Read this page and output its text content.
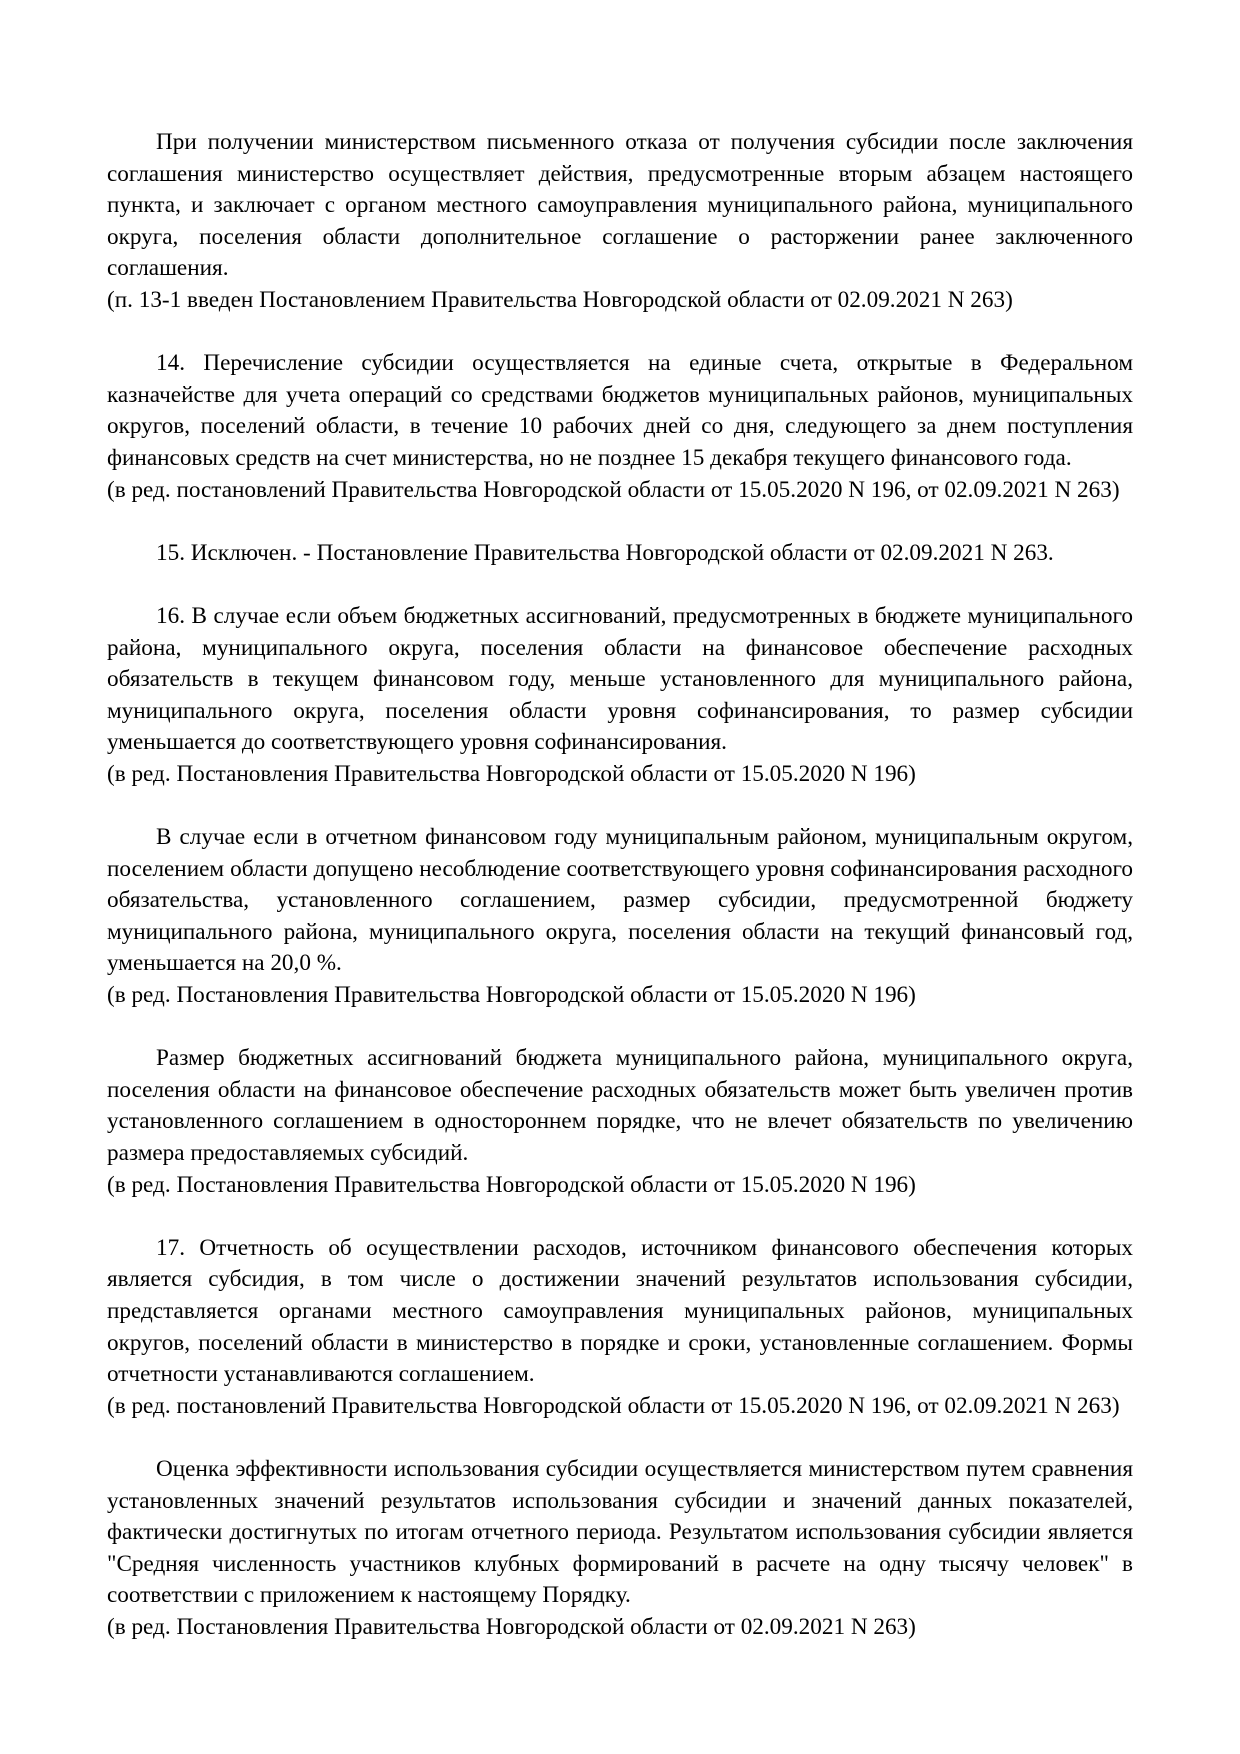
При получении министерством письменного отказа от получения субсидии после заключения соглашения министерство осуществляет действия, предусмотренные вторым абзацем настоящего пункта, и заключает с органом местного самоуправления муниципального района, муниципального округа, поселения области дополнительное соглашение о расторжении ранее заключенного соглашения.

(п. 13-1 введен Постановлением Правительства Новгородской области от 02.09.2021 N 263)

14. Перечисление субсидии осуществляется на единые счета, открытые в Федеральном казначействе для учета операций со средствами бюджетов муниципальных районов, муниципальных округов, поселений области, в течение 10 рабочих дней со дня, следующего за днем поступления финансовых средств на счет министерства, но не позднее 15 декабря текущего финансового года.

(в ред. постановлений Правительства Новгородской области от 15.05.2020 N 196, от 02.09.2021 N 263)

15. Исключен. - Постановление Правительства Новгородской области от 02.09.2021 N 263.

16. В случае если объем бюджетных ассигнований, предусмотренных в бюджете муниципального района, муниципального округа, поселения области на финансовое обеспечение расходных обязательств в текущем финансовом году, меньше установленного для муниципального района, муниципального округа, поселения области уровня софинансирования, то размер субсидии уменьшается до соответствующего уровня софинансирования.

(в ред. Постановления Правительства Новгородской области от 15.05.2020 N 196)

В случае если в отчетном финансовом году муниципальным районом, муниципальным округом, поселением области допущено несоблюдение соответствующего уровня софинансирования расходного обязательства, установленного соглашением, размер субсидии, предусмотренной бюджету муниципального района, муниципального округа, поселения области на текущий финансовый год, уменьшается на 20,0 %.

(в ред. Постановления Правительства Новгородской области от 15.05.2020 N 196)

Размер бюджетных ассигнований бюджета муниципального района, муниципального округа, поселения области на финансовое обеспечение расходных обязательств может быть увеличен против установленного соглашением в одностороннем порядке, что не влечет обязательств по увеличению размера предоставляемых субсидий.

(в ред. Постановления Правительства Новгородской области от 15.05.2020 N 196)

17. Отчетность об осуществлении расходов, источником финансового обеспечения которых является субсидия, в том числе о достижении значений результатов использования субсидии, представляется органами местного самоуправления муниципальных районов, муниципальных округов, поселений области в министерство в порядке и сроки, установленные соглашением. Формы отчетности устанавливаются соглашением.

(в ред. постановлений Правительства Новгородской области от 15.05.2020 N 196, от 02.09.2021 N 263)

Оценка эффективности использования субсидии осуществляется министерством путем сравнения установленных значений результатов использования субсидии и значений данных показателей, фактически достигнутых по итогам отчетного периода. Результатом использования субсидии является "Средняя численность участников клубных формирований в расчете на одну тысячу человек" в соответствии с приложением к настоящему Порядку.

(в ред. Постановления Правительства Новгородской области от 02.09.2021 N 263)
